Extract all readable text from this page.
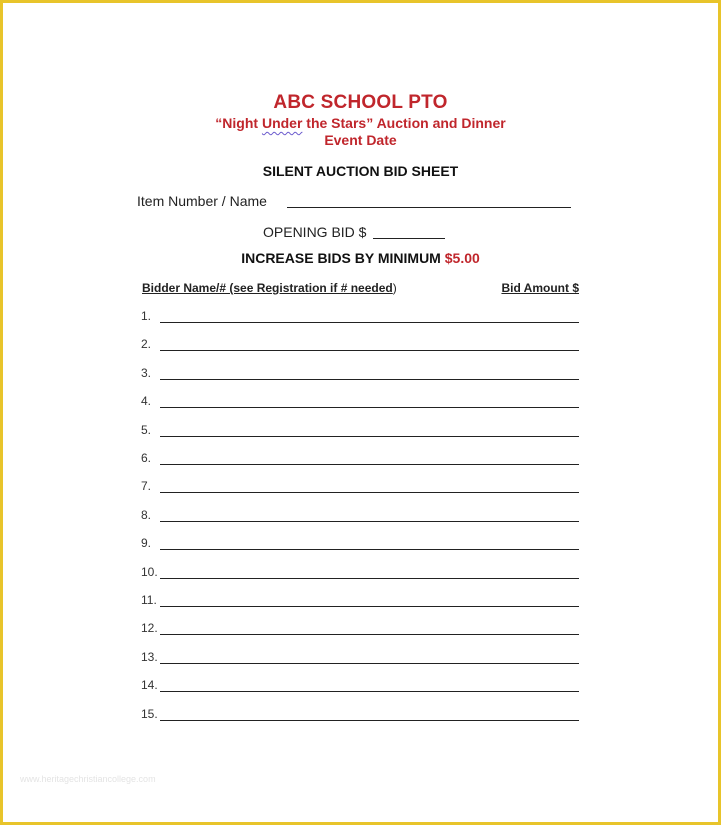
ABC SCHOOL PTO
“Night Under the Stars” Auction and Dinner
Event Date
SILENT AUCTION BID SHEET
Item Number / Name
OPENING BID $
INCREASE BIDS BY MINIMUM $5.00
Bidder Name/# (see Registration if # needed)	Bid Amount $
1.
2.
3.
4.
5.
6.
7.
8.
9.
10.
11.
12.
13.
14.
15.
www.heritagechristiancollege.com
